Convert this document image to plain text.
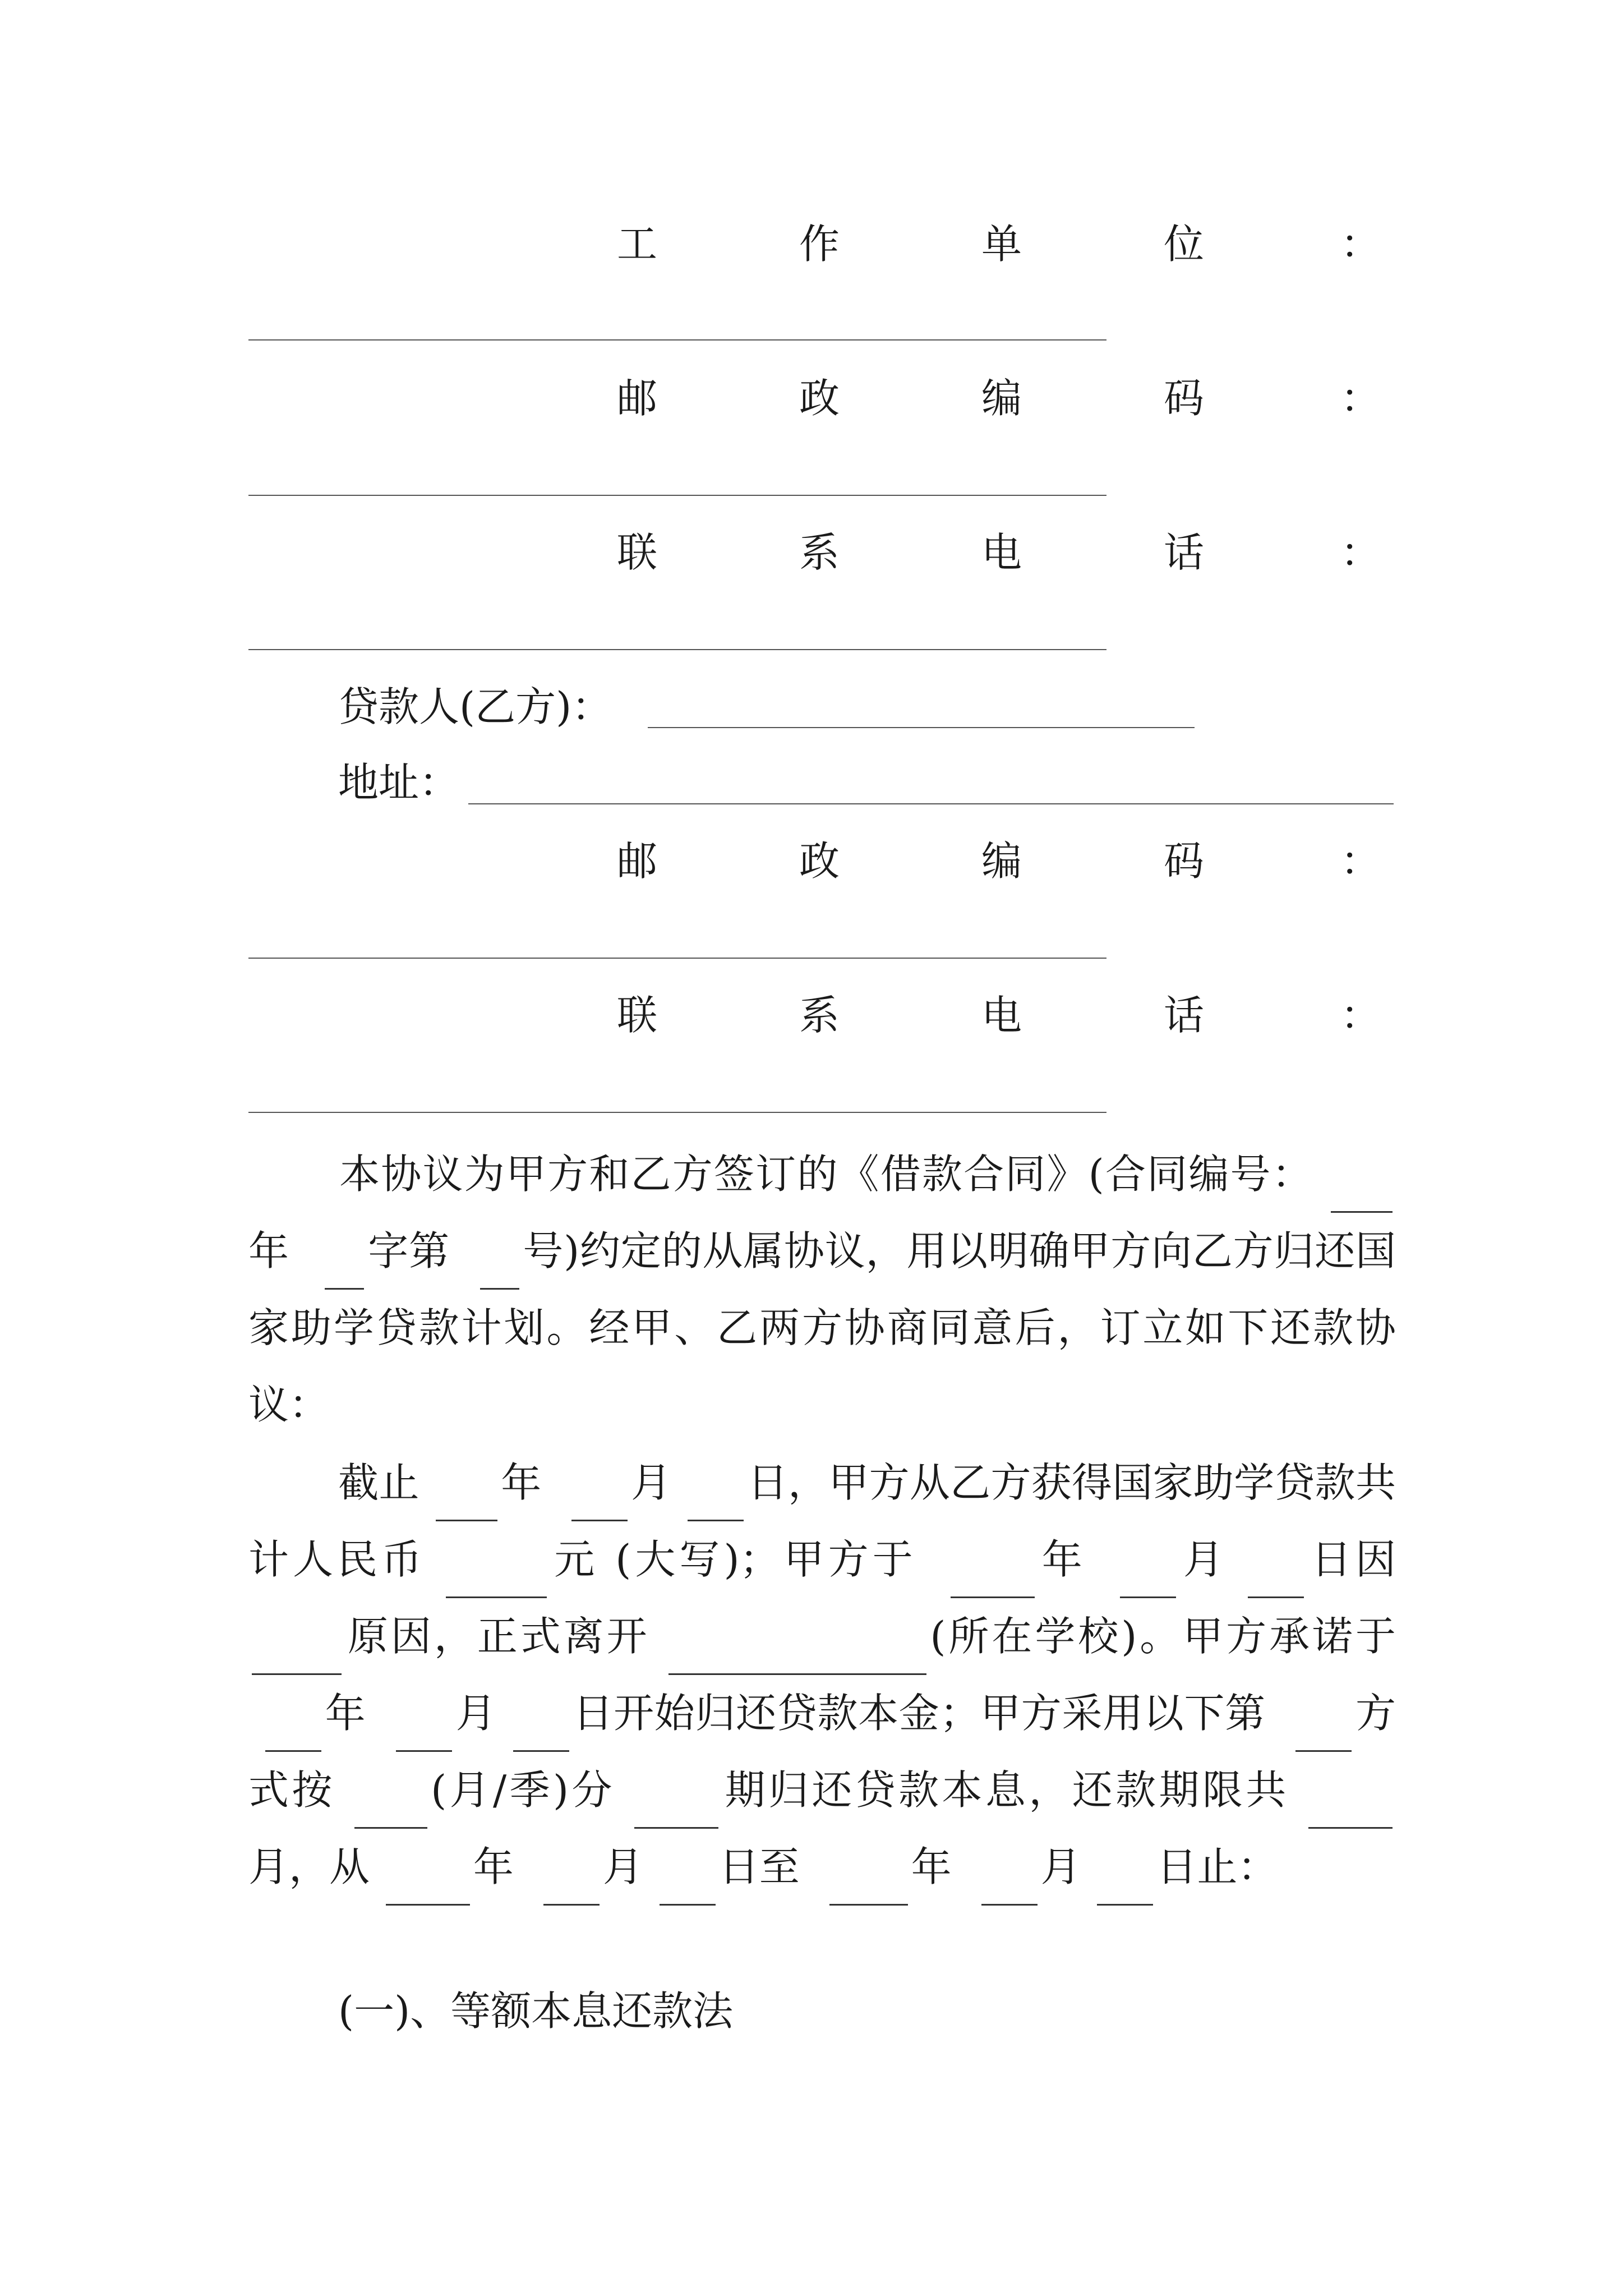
工	作	单	位	：
邮	政	编	码	：
联	系	电	话	：
贷款人(乙方)：
地址：
邮	政	编	码	：
联	系	电	话	：
本协议为甲方和乙方签订的《借款合同》(合同编号： 年 字第 号)约定的从属协议，用以明确甲方向乙方归还国家助学贷款计划。经甲、乙两方协商同意后，订立如下还款协议：
截止 年 月 日，甲方从乙方获得国家助学贷款共计人民币	元 (大写)；甲方于	年 月 日因 原因，正式离开	(所在学校)。甲方承诺于 年 月 日开始归还贷款本金；甲方采用以下第 方式按 (月/季)分	期归还贷款本息，还款期限共 月，从	年 月 日至	年 月 日止：
(一)、等额本息还款法
